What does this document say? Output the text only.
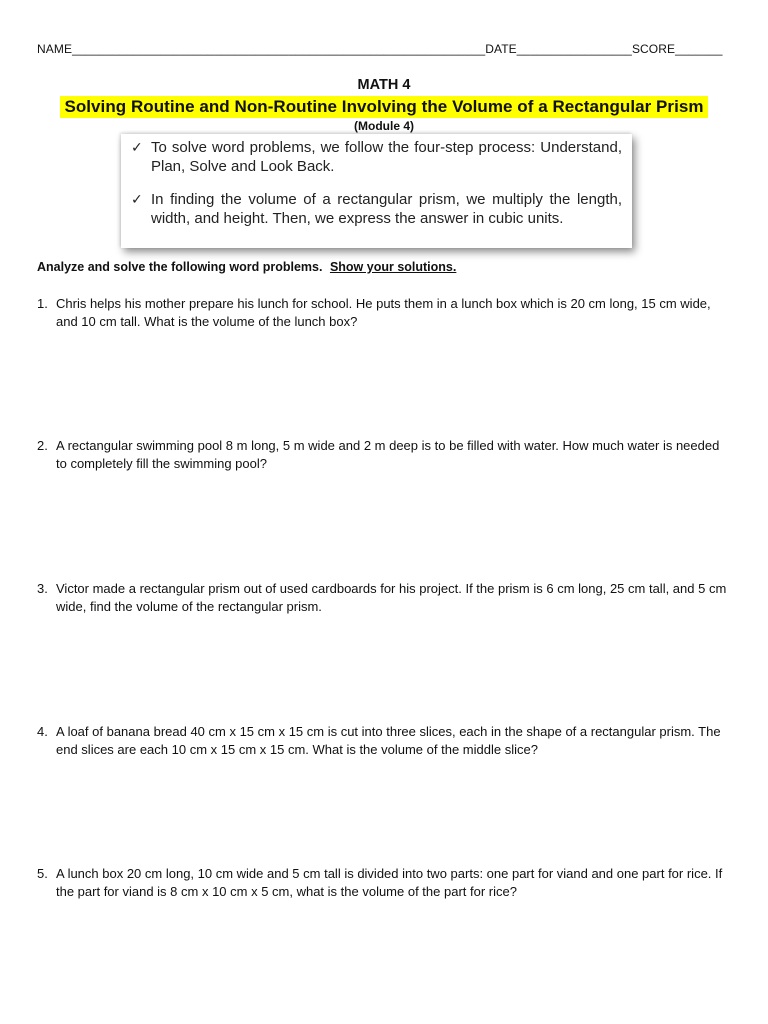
NAME_____________________________________________________________DATE_________________SCORE_______
MATH 4
Solving Routine and Non-Routine Involving the Volume of a Rectangular Prism
(Module 4)
✓ To solve word problems, we follow the four-step process: Understand, Plan, Solve and Look Back.
✓ In finding the volume of a rectangular prism, we multiply the length, width, and height. Then, we express the answer in cubic units.
Analyze and solve the following word problems. Show your solutions.
1. Chris helps his mother prepare his lunch for school. He puts them in a lunch box which is 20 cm long, 15 cm wide, and 10 cm tall. What is the volume of the lunch box?
2. A rectangular swimming pool 8 m long, 5 m wide and 2 m deep is to be filled with water. How much water is needed to completely fill the swimming pool?
3. Victor made a rectangular prism out of used cardboards for his project. If the prism is 6 cm long, 25 cm tall, and 5 cm wide, find the volume of the rectangular prism.
4. A loaf of banana bread 40 cm x 15 cm x 15 cm is cut into three slices, each in the shape of a rectangular prism. The end slices are each 10 cm x 15 cm x 15 cm. What is the volume of the middle slice?
5. A lunch box 20 cm long, 10 cm wide and 5 cm tall is divided into two parts: one part for viand and one part for rice. If the part for viand is 8 cm x 10 cm x 5 cm, what is the volume of the part for rice?
